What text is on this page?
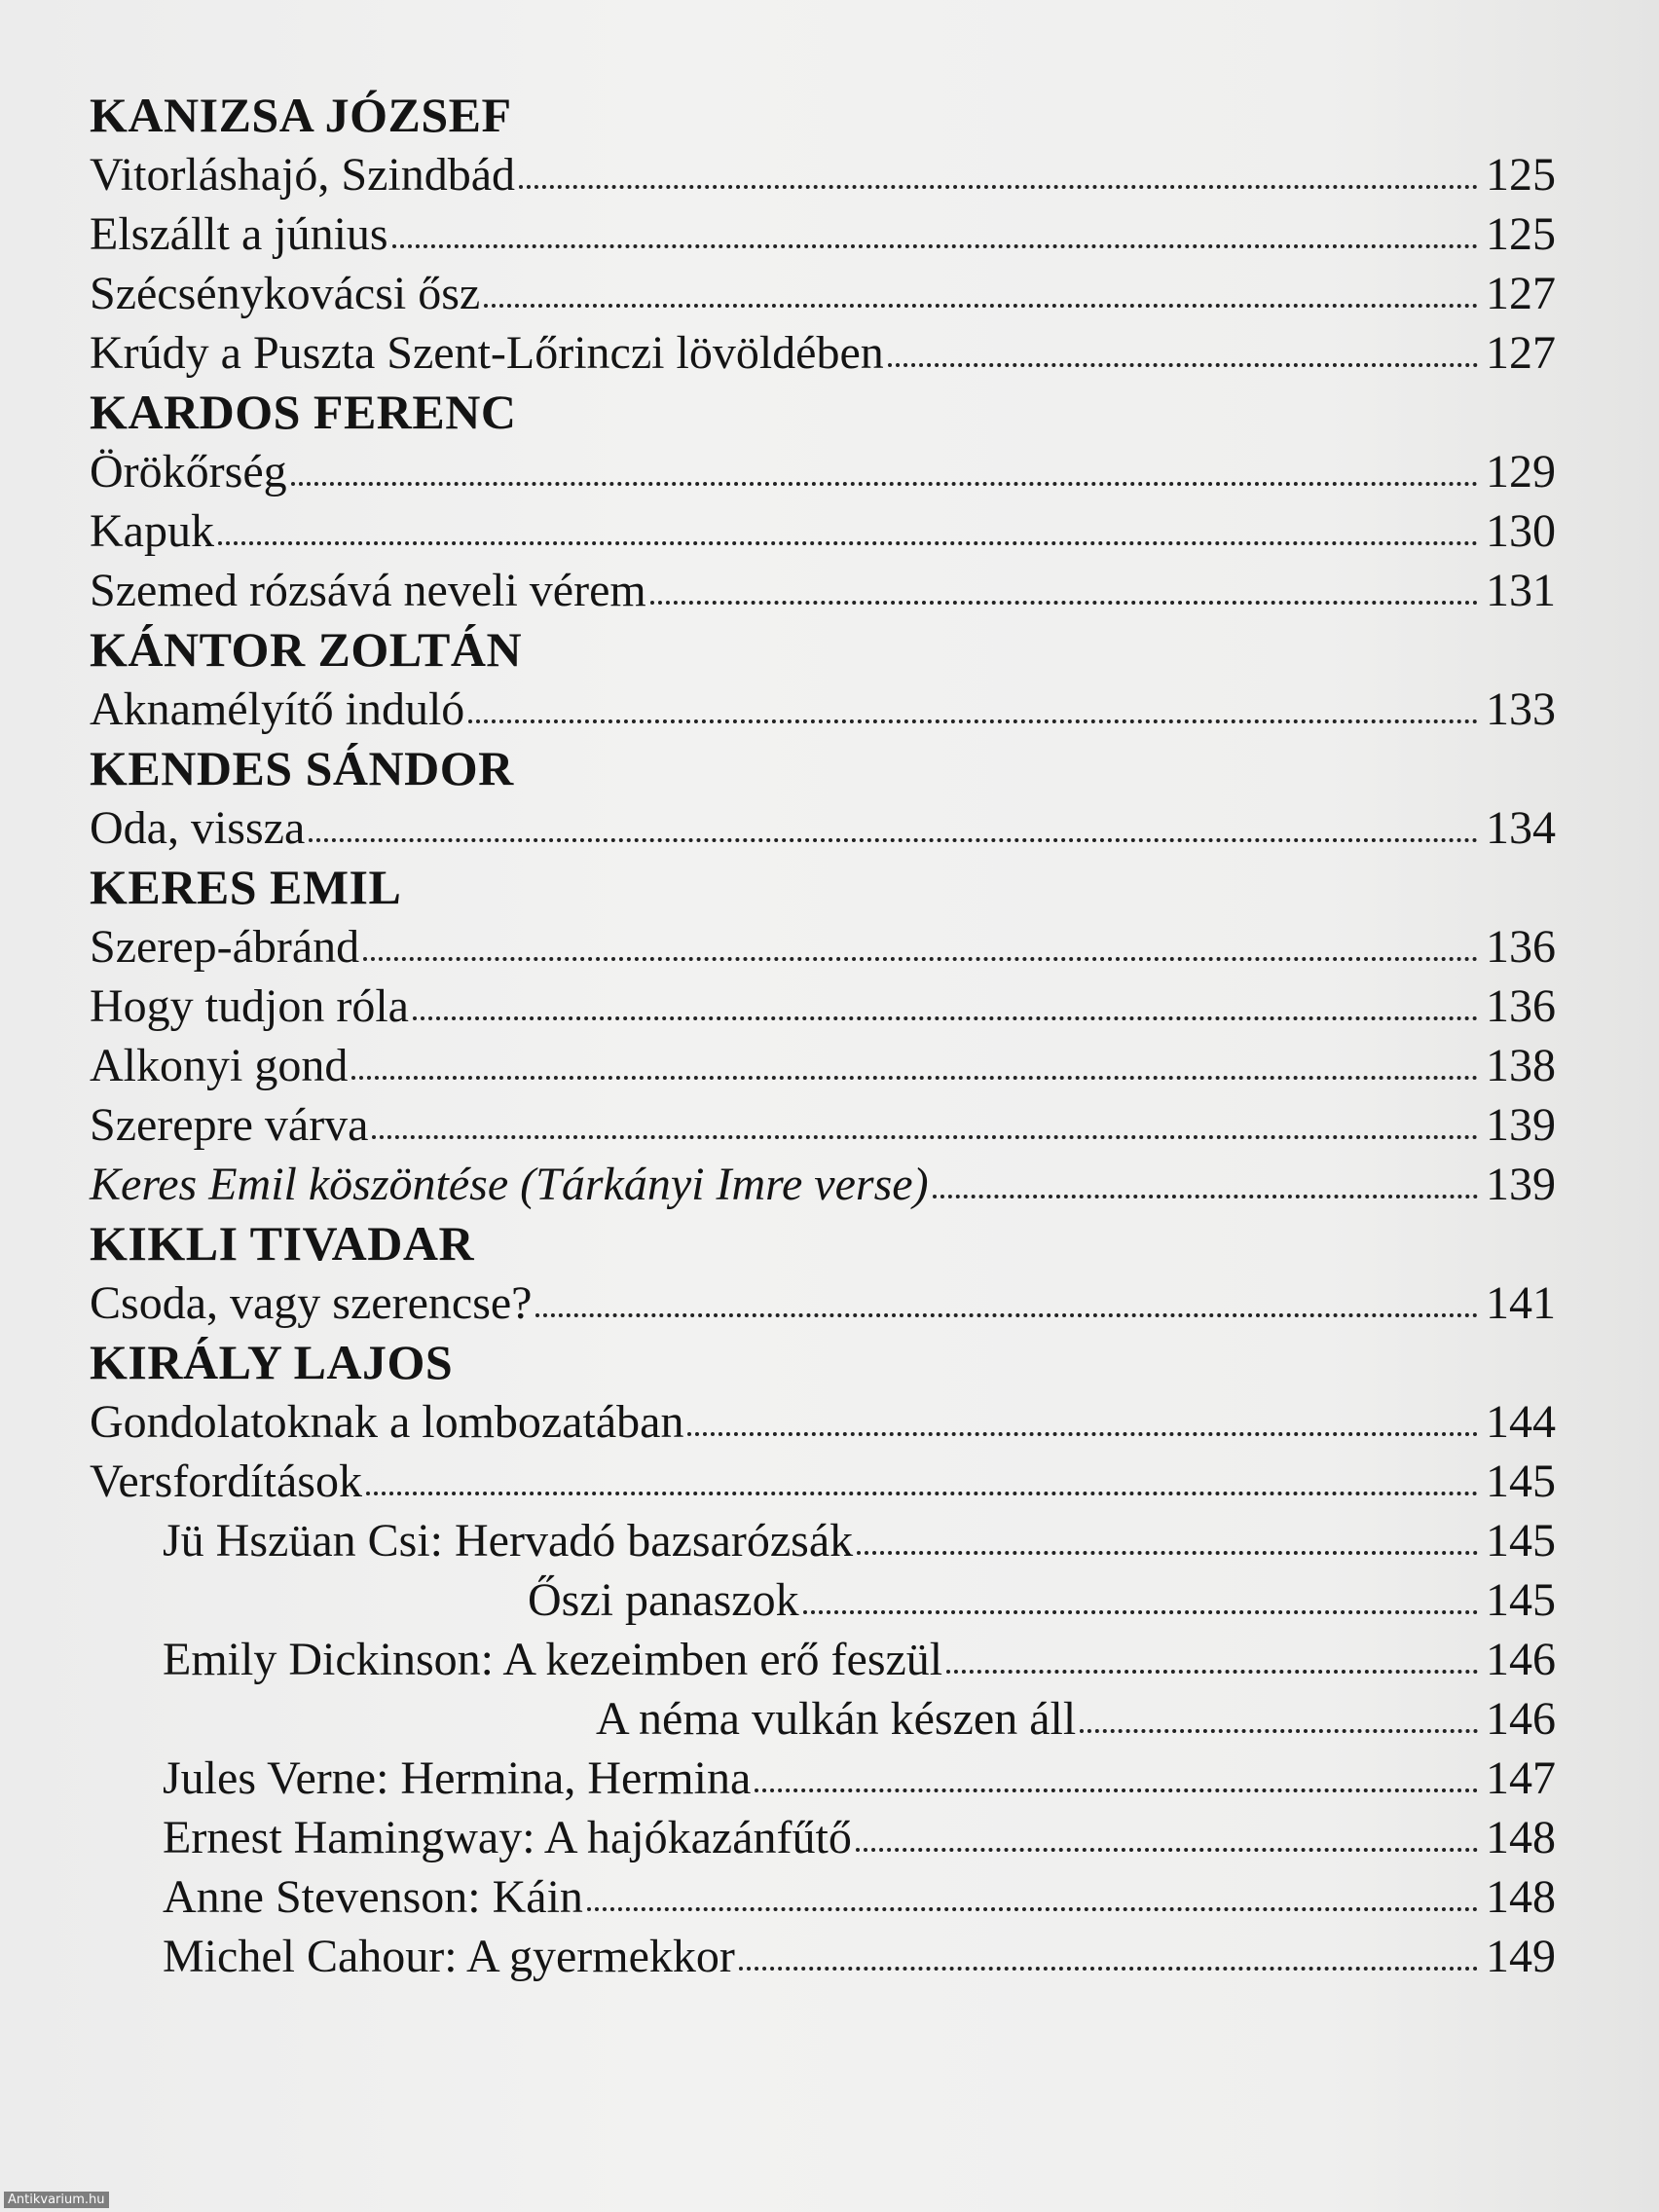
KANIZSA JÓZSEF
Vitorláshajó, Szindbád	125
Elszállt a június	125
Szécsénykovácsi ősz	127
Krúdy a Puszta Szent-Lőrinczi lövöldében	127
KARDOS FERENC
Örökőrség	129
Kapuk	130
Szemed rózsává neveli vérem	131
KÁNTOR ZOLTÁN
Aknamélyítő induló	133
KENDES SÁNDOR
Oda, vissza	134
KERES EMIL
Szerep-ábránd	136
Hogy tudjon róla	136
Alkonyi gond	138
Szerepre várva	139
Keres Emil köszöntése (Tárkányi Imre verse)	139
KIKLI TIVADAR
Csoda, vagy szerencse?	141
KIRÁLY LAJOS
Gondolatoknak a lombozatában	144
Versfordítások	145
Jü Hszüan Csi: Hervadó bazsarózsák	145
Őszi panaszok	145
Emily Dickinson: A kezeimben erő feszül	146
A néma vulkán készen áll	146
Jules Verne: Hermina, Hermina	147
Ernest Hamingway: A hajókazánfűtő	148
Anne Stevenson: Káin	148
Michel Cahour: A gyermekkor	149
Antikvarium.hu
